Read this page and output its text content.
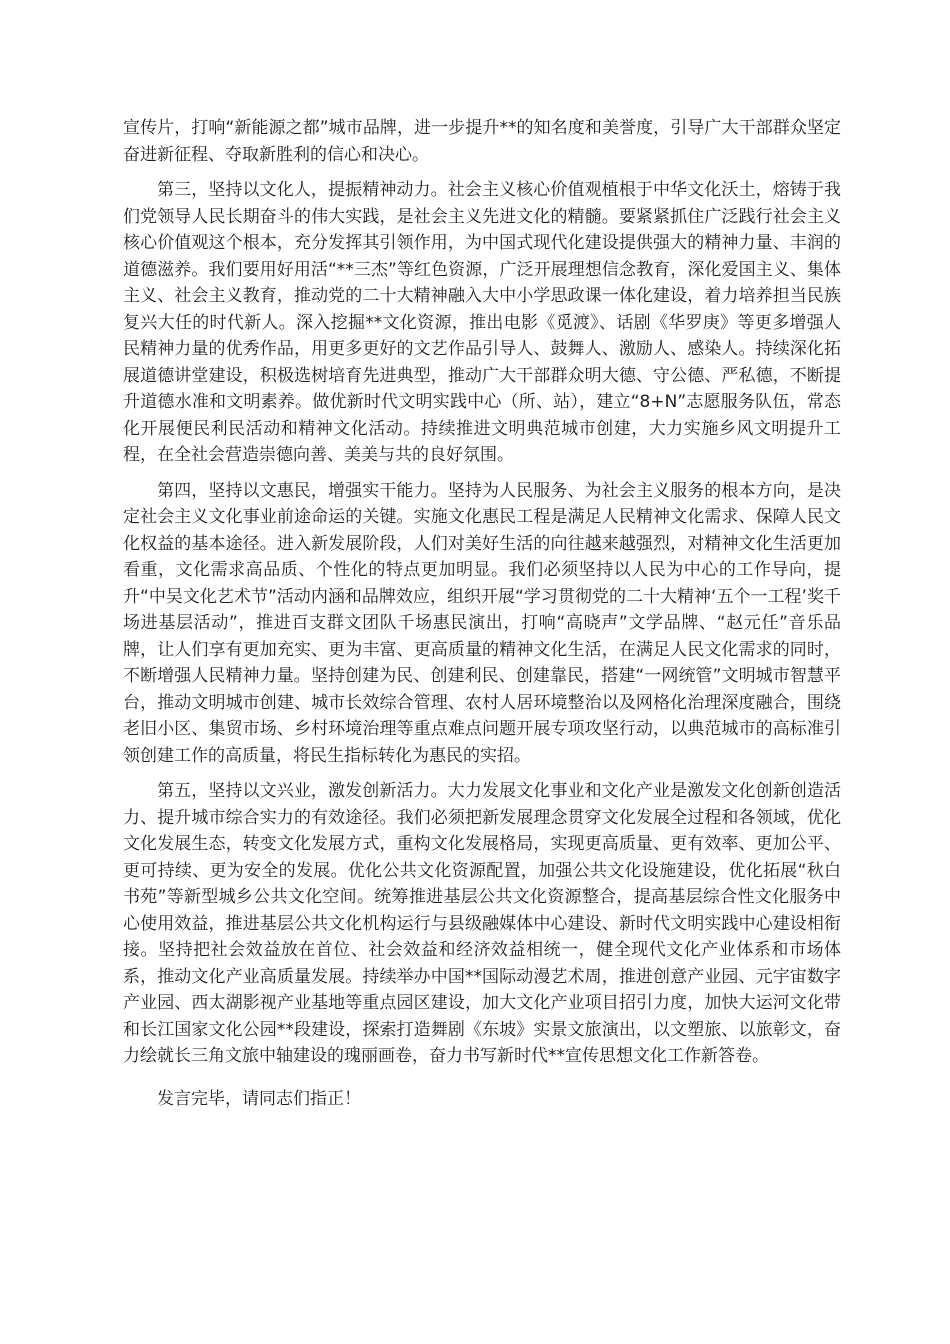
宣传片，打响“新能源之都”城市品牌，进一步提升**的知名度和美誉度，引导广大干部群众坚定奋进新征程、夺取新胜利的信心和决心。

第三，坚持以文化人，提振精神动力。社会主义核心价值观植根于中华文化沃土，熔铸于我们党领导人民长期奋斗的伟大实践，是社会主义先进文化的精髓。要紧紧抓住广泛践行社会主义核心价值观这个根本，充分发挥其引领作用，为中国式现代化建设提供强大的精神力量、丰润的道德滋养。我们要用好用活“**三杰”等红色资源，广泛开展理想信念教育，深化爱国主义、集体主义、社会主义教育，推动党的二十大精神融入大中小学思政课一体化建设，着力培养担当民族复兴大任的时代新人。深入挖掘**文化资源，推出电影《觅渡》、话剧《华罗庚》等更多增强人民精神力量的优秀作品，用更多更好的文艺作品引导人、鼓舞人、激励人、感染人。持续深化拓展道德讲堂建设，积极选树培育先进典型，推动广大干部群众明大德、守公德、严私德，不断提升道德水准和文明素养。做优新时代文明实践中心（所、站），建立“8+N”志愿服务队伍，常态化开展便民利民活动和精神文化活动。持续推进文明典范城市创建，大力实施乡风文明提升工程，在全社会营造崇德向善、美美与共的良好氛围。

第四，坚持以文惠民，增强实干能力。坚持为人民服务、为社会主义服务的根本方向，是决定社会主义文化事业前途命运的关键。实施文化惠民工程是满足人民精神文化需求、保障人民文化权益的基本途径。进入新发展阶段，人们对美好生活的向往越来越强烈，对精神文化生活更加看重，文化需求高品质、个性化的特点更加明显。我们必须坚持以人民为中心的工作导向，提升“中吴文化艺术节”活动内涵和品牌效应，组织开展“学习贯彻党的二十大精神‘五个一工程’奖千场进基层活动”，推进百支群文团队千场惠民演出，打响“高晓声”文学品牌、“赵元任”音乐品牌，让人们享有更加充实、更为丰富、更高质量的精神文化生活，在满足人民文化需求的同时，不断增强人民精神力量。坚持创建为民、创建利民、创建靠民，搭建“一网统管”文明城市智慧平台，推动文明城市创建、城市长效综合管理、农村人居环境整治以及网格化治理深度融合，围绕老旧小区、集贸市场、乡村环境治理等重点难点问题开展专项攻坚行动，以典范城市的高标准引领创建工作的高质量，将民生指标转化为惠民的实招。

第五，坚持以文兴业，激发创新活力。大力发展文化事业和文化产业是激发文化创新创造活力、提升城市综合实力的有效途径。我们必须把新发展理念贯穿文化发展全过程和各领域，优化文化发展生态，转变文化发展方式，重构文化发展格局，实现更高质量、更有效率、更加公平、更可持续、更为安全的发展。优化公共文化资源配置，加强公共文化设施建设，优化拓展“秋白书苑”等新型城乡公共文化空间。统筹推进基层公共文化资源整合，提高基层综合性文化服务中心使用效益，推进基层公共文化机构运行与县级融媒体中心建设、新时代文明实践中心建设相衔接。坚持把社会效益放在首位、社会效益和经济效益相统一，健全现代文化产业体系和市场体系，推动文化产业高质量发展。持续举办中国**国际动漫艺术周，推进创意产业园、元宇宙数字产业园、西太湖影视产业基地等重点园区建设，加大文化产业项目招引力度，加快大运河文化带和长江国家文化公园**段建设，探索打造舞剧《东坡》实景文旅演出，以文塑旅、以旅彰文，奋力绘就长三角文旅中轴建设的瑰丽画卷，奋力书写新时代**宣传思想文化工作新答卷。

发言完毕，请同志们指正！
